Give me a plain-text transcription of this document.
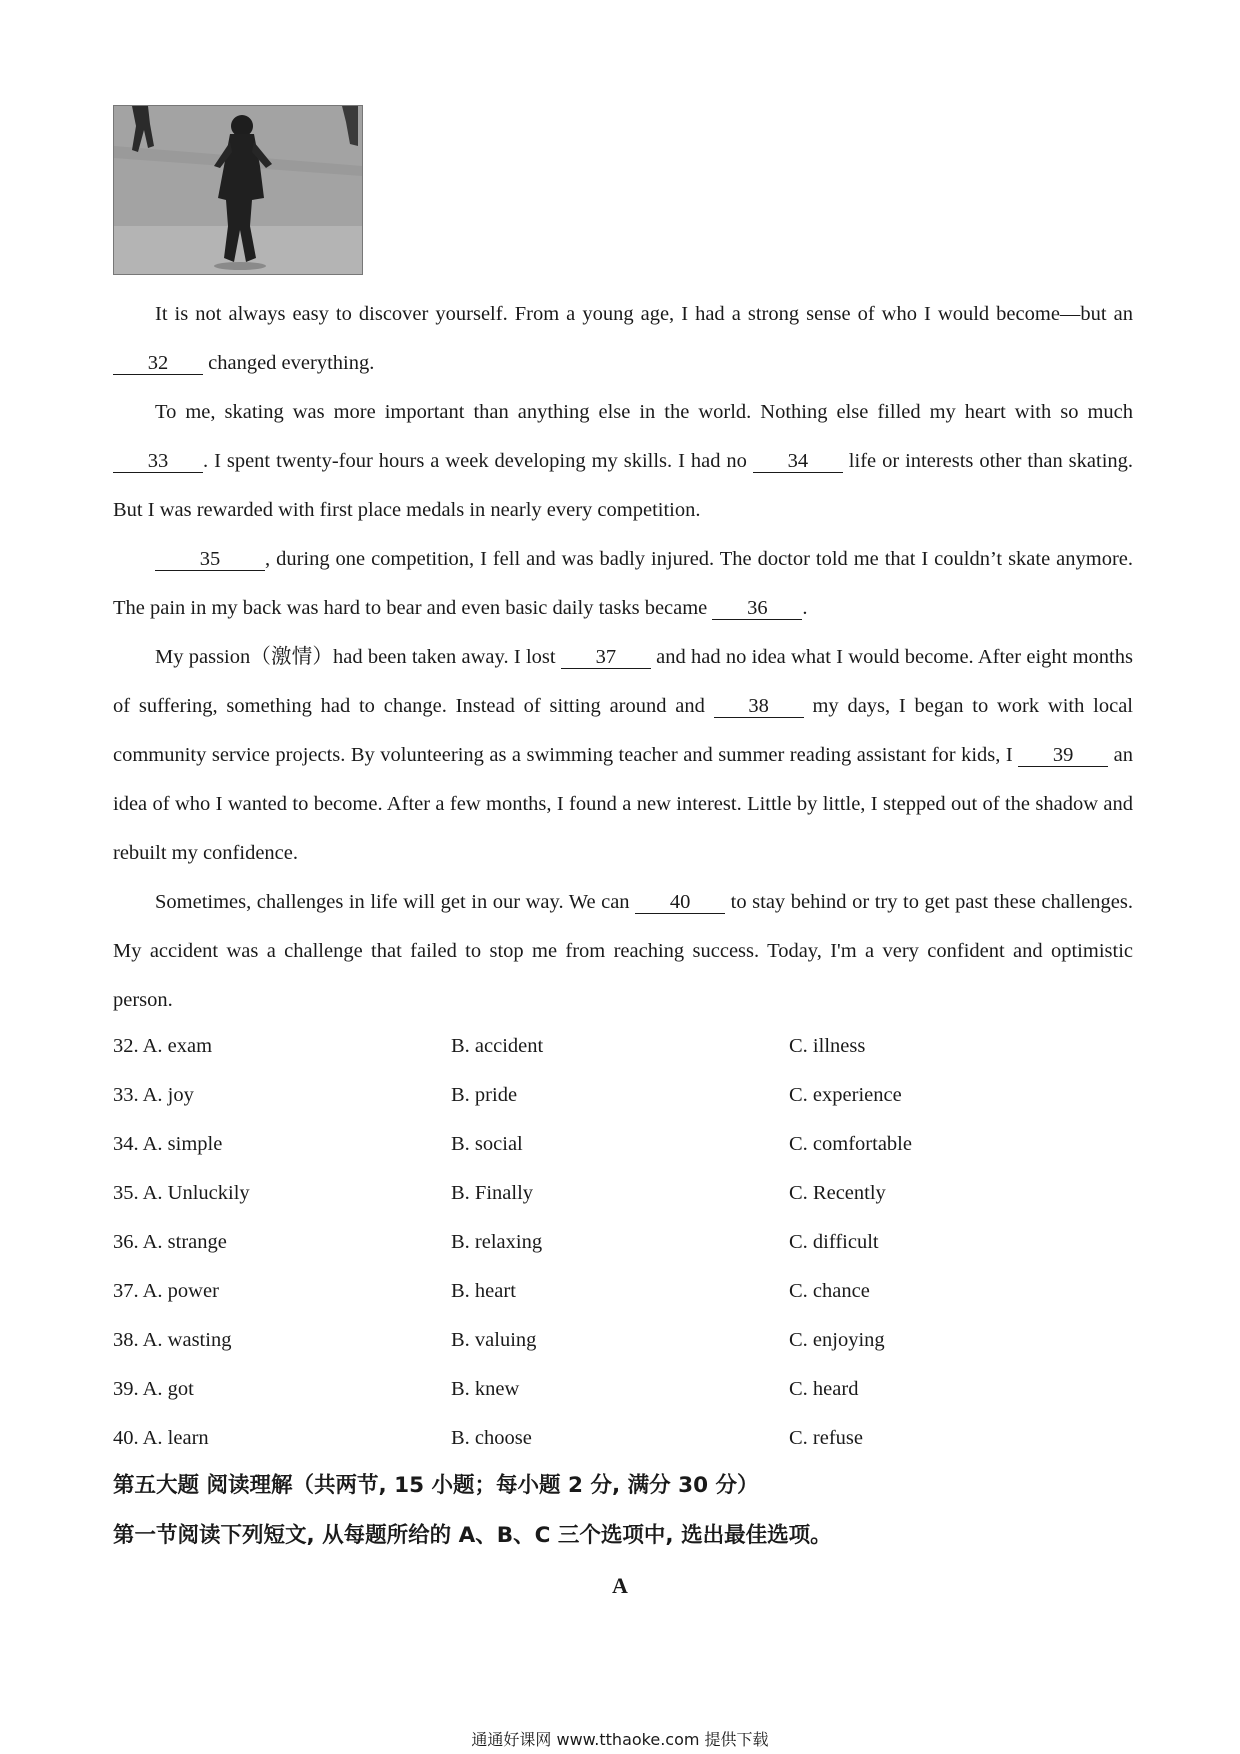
It is not always easy to discover yourself. From a young age, I had a strong sense of who I would become—but an 32 changed everything.

To me, skating was more important than anything else in the world. Nothing else filled my heart with so much 33 . I spent twenty-four hours a week developing my skills. I had no 34 life or interests other than skating. But I was rewarded with first place medals in nearly every competition.

35 , during one competition, I fell and was badly injured. The doctor told me that I couldn’t skate anymore. The pain in my back was hard to bear and even basic daily tasks became 36 .

My passion（激情）had been taken away. I lost 37 and had no idea what I would become. After eight months of suffering, something had to change. Instead of sitting around and 38 my days, I began to work with local community service projects. By volunteering as a swimming teacher and summer reading assistant for kids, I 39 an idea of who I wanted to become. After a few months, I found a new interest. Little by little, I stepped out of the shadow and rebuilt my confidence.

Sometimes, challenges in life will get in our way. We can 40 to stay behind or try to get past these challenges. My accident was a challenge that failed to stop me from reaching success. Today, I'm a very confident and optimistic person.

32. A. exam	B. accident	C. illness
33. A. joy	B. pride	C. experience
34. A. simple	B. social	C. comfortable
35. A. Unluckily	B. Finally	C. Recently
36. A. strange	B. relaxing	C. difficult
37. A. power	B. heart	C. chance
38. A. wasting	B. valuing	C. enjoying
39. A. got	B. knew	C. heard
40. A. learn	B. choose	C. refuse
第五大题 阅读理解（共两节, 15 小题；每小题 2 分, 满分 30 分）
第一节阅读下列短文, 从每题所给的 A、B、C 三个选项中, 选出最佳选项。
A
通通好课网 www.tthaoke.com 提供下载
